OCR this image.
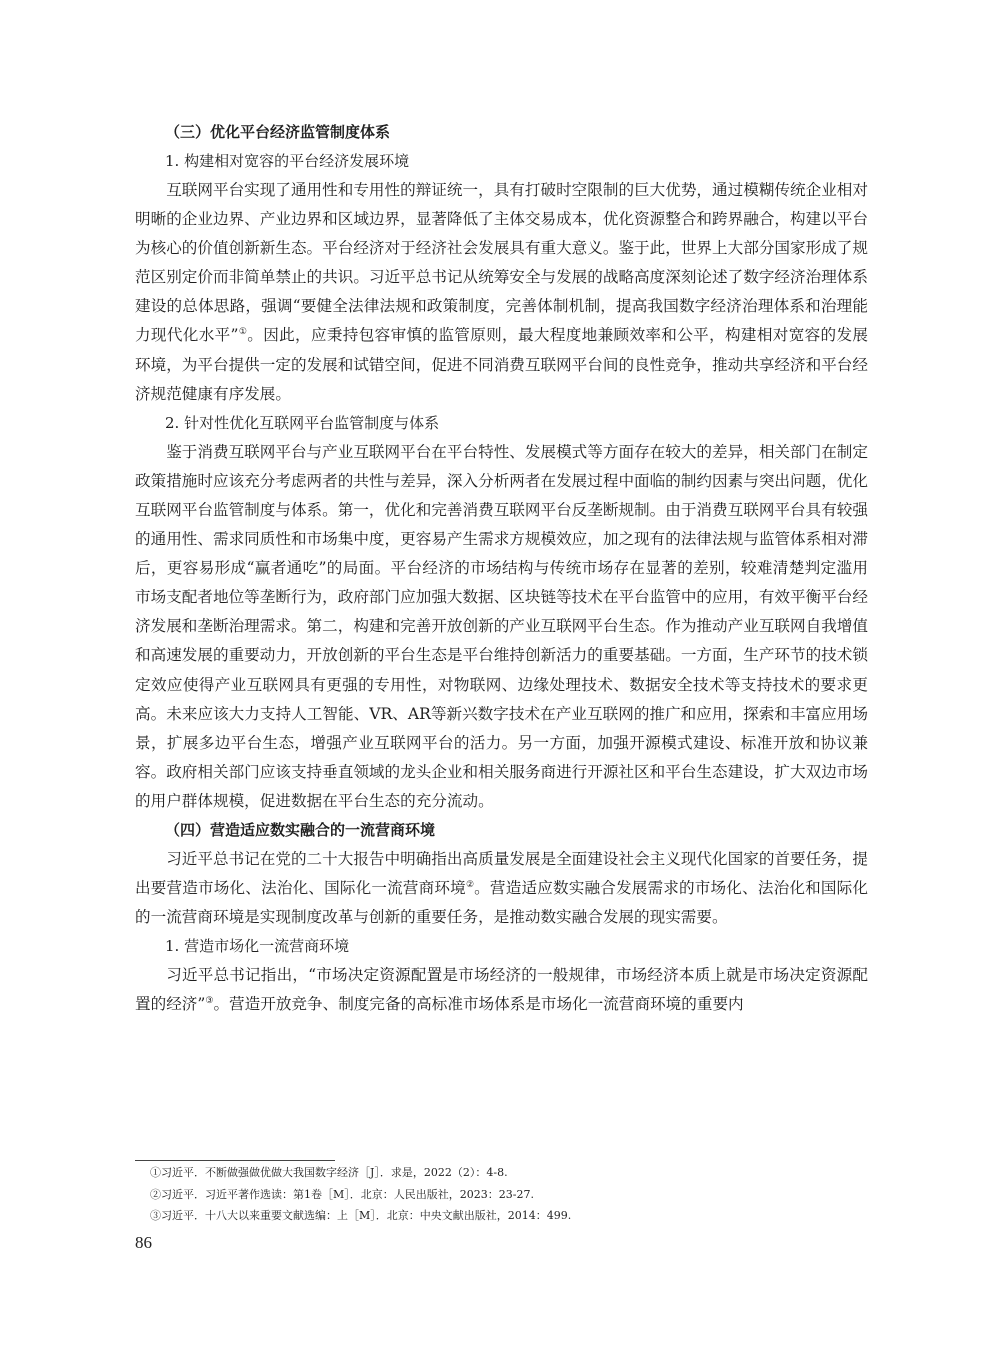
（三）优化平台经济监管制度体系
1. 构建相对宽容的平台经济发展环境

互联网平台实现了通用性和专用性的辩证统一，具有打破时空限制的巨大优势，通过模糊传统企业相对明晰的企业边界、产业边界和区域边界，显著降低了主体交易成本，优化资源整合和跨界融合，构建以平台为核心的价值创新新生态。平台经济对于经济社会发展具有重大意义。鉴于此，世界上大部分国家形成了规范区别定价而非简单禁止的共识。习近平总书记从统筹安全与发展的战略高度深刻论述了数字经济治理体系建设的总体思路，强调“要健全法律法规和政策制度，完善体制机制，提高我国数字经济治理体系和治理能力现代化水平”①。因此，应秉持包容审慎的监管原则，最大程度地兼顾效率和公平，构建相对宽容的发展环境，为平台提供一定的发展和试错空间，促进不同消费互联网平台间的良性竞争，推动共享经济和平台经济规范健康有序发展。

2. 针对性优化互联网平台监管制度与体系

鉴于消费互联网平台与产业互联网平台在平台特性、发展模式等方面存在较大的差异，相关部门在制定政策措施时应该充分考虑两者的共性与差异，深入分析两者在发展过程中面临的制约因素与突出问题，优化互联网平台监管制度与体系。第一，优化和完善消费互联网平台反垄断规制。由于消费互联网平台具有较强的通用性、需求同质性和市场集中度，更容易产生需求方规模效应，加之现有的法律法规与监管体系相对滞后，更容易形成“赢者通吃”的局面。平台经济的市场结构与传统市场存在显著的差别，较难清楚判定滥用市场支配者地位等垄断行为，政府部门应加强大数据、区块链等技术在平台监管中的应用，有效平衡平台经济发展和垄断治理需求。第二，构建和完善开放创新的产业互联网平台生态。作为推动产业互联网自我增值和高速发展的重要动力，开放创新的平台生态是平台维持创新活力的重要基础。一方面，生产环节的技术锁定效应使得产业互联网具有更强的专用性，对物联网、边缘处理技术、数据安全技术等支持技术的要求更高。未来应该大力支持人工智能、VR、AR等新兴数字技术在产业互联网的推广和应用，探索和丰富应用场景，扩展多边平台生态，增强产业互联网平台的活力。另一方面，加强开源模式建设、标准开放和协议兼容。政府相关部门应该支持垂直领域的龙头企业和相关服务商进行开源社区和平台生态建设，扩大双边市场的用户群体规模，促进数据在平台生态的充分流动。

（四）营造适应数实融合的一流营商环境

习近平总书记在党的二十大报告中明确指出高质量发展是全面建设社会主义现代化国家的首要任务，提出要营造市场化、法治化、国际化一流营商环境②。营造适应数实融合发展需求的市场化、法治化和国际化的一流营商环境是实现制度改革与创新的重要任务，是推动数实融合发展的现实需要。

1. 营造市场化一流营商环境

习近平总书记指出，“市场决定资源配置是市场经济的一般规律，市场经济本质上就是市场决定资源配置的经济”③。营造开放竞争、制度完备的高标准市场体系是市场化一流营商环境的重要内

①习近平．不断做强做优做大我国数字经济［J］．求是，2022（2）：4-8.
②习近平．习近平著作选读：第1卷［M］．北京：人民出版社，2023：23-27.
③习近平．十八大以来重要文献选编：上［M］．北京：中央文献出版社，2014：499.
86
